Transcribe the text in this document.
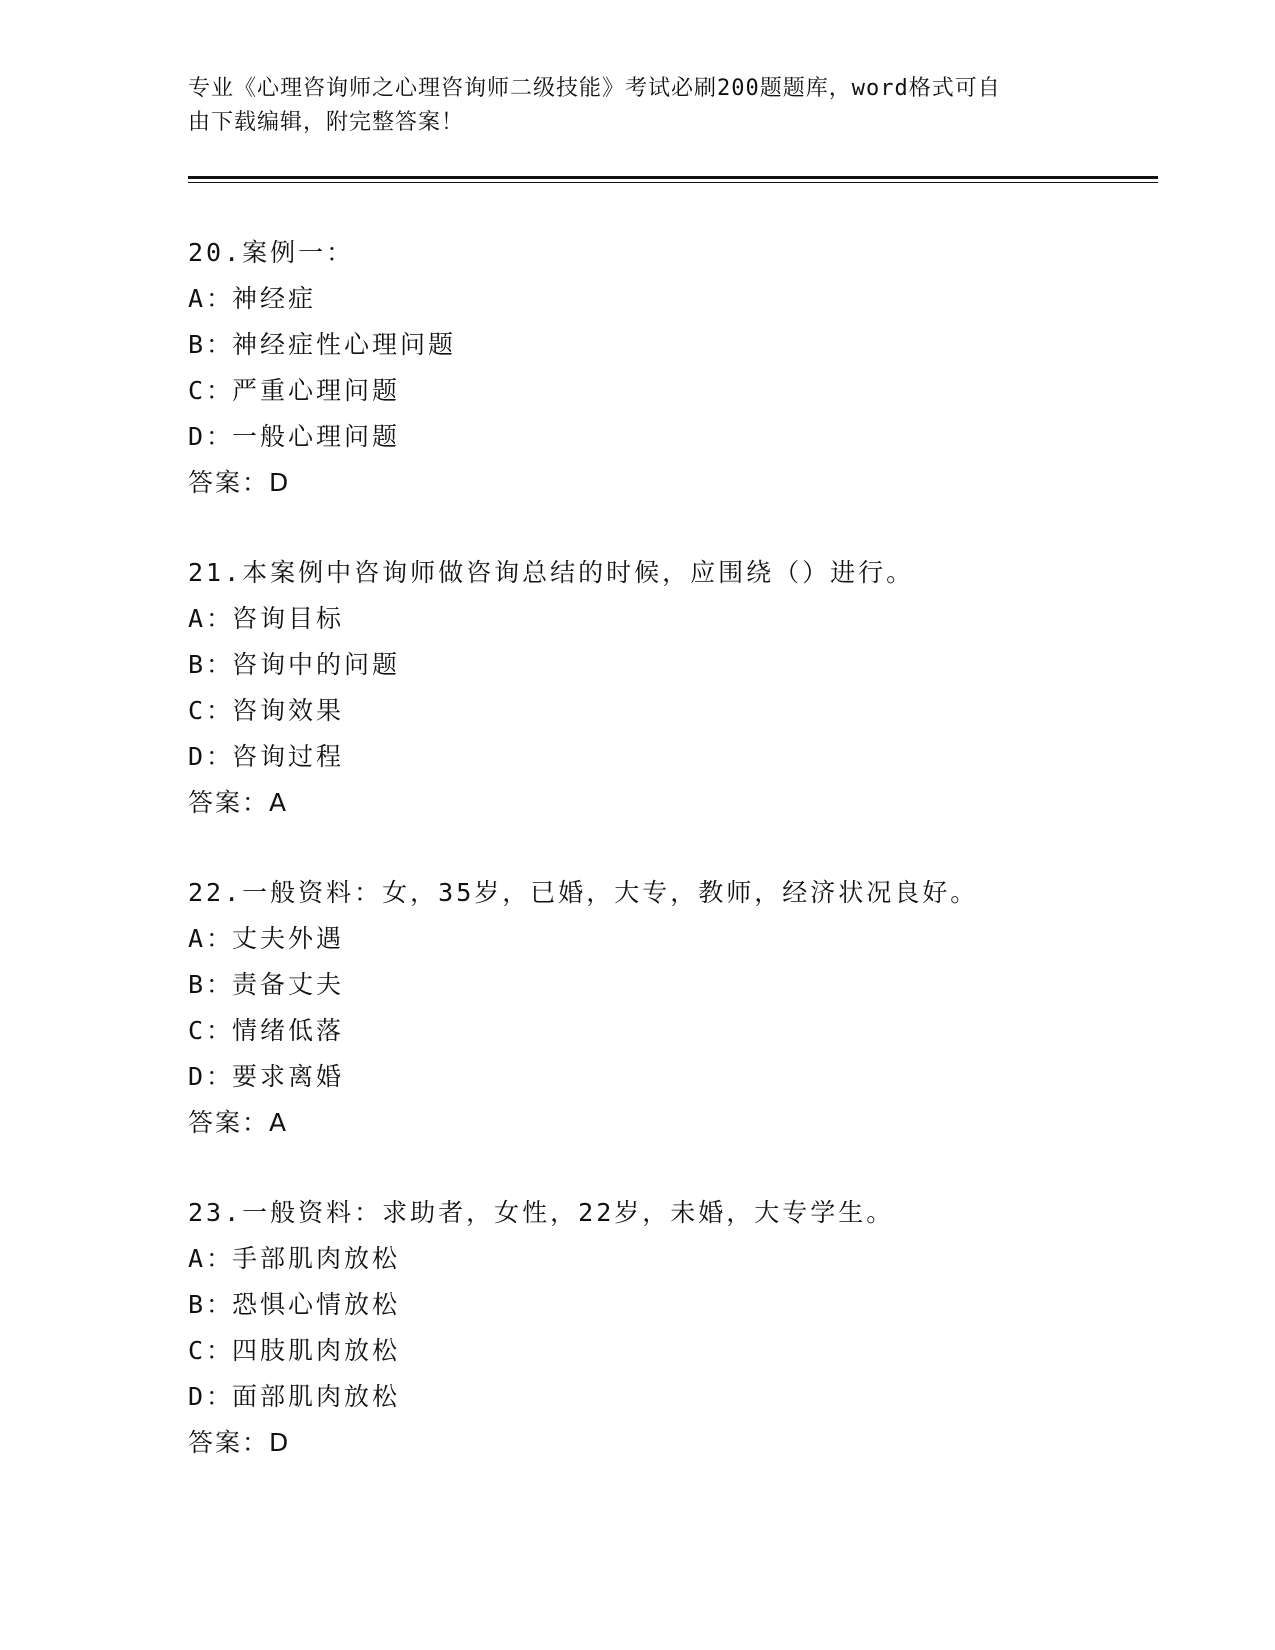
专业《心理咨询师之心理咨询师二级技能》考试必刷200题题库，word格式可自
由下载编辑，附完整答案！
20.案例一：
A：神经症
B：神经症性心理问题
C：严重心理问题
D：一般心理问题
答案：D
21.本案例中咨询师做咨询总结的时候，应围绕（）进行。
A：咨询目标
B：咨询中的问题
C：咨询效果
D：咨询过程
答案：A
22.一般资料：女，35岁，已婚，大专，教师，经济状况良好。
A：丈夫外遇
B：责备丈夫
C：情绪低落
D：要求离婚
答案：A
23.一般资料：求助者，女性，22岁，未婚，大专学生。
A：手部肌肉放松
B：恐惧心情放松
C：四肢肌肉放松
D：面部肌肉放松
答案：D
